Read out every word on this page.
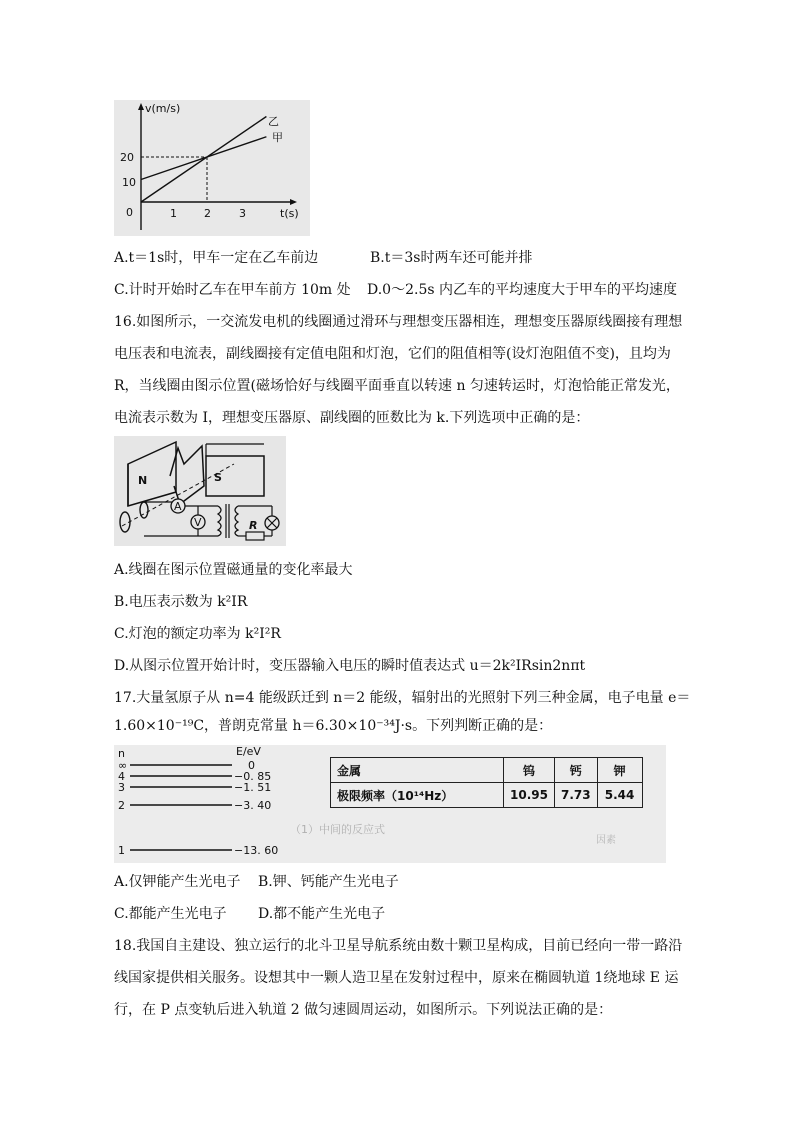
v(m/s)
t(s)
20
10
0	1 2	3
乙
甲
A.t＝1s时，甲车一定在乙车前边	B.t＝3s时两车还可能并排
C.计时开始时乙车在甲车前方 10m 处 D.0～2.5s 内乙车的平均速度大于甲车的平均速度
16.如图所示，一交流发电机的线圈通过滑环与理想变压器相连，理想变压器原线圈接有理想
电压表和电流表，副线圈接有定值电阻和灯泡，它们的阻值相等(设灯泡阻值不变)，且均为
R，当线圈由图示位置(磁场恰好与线圈平面垂直以转速 n 匀速转运时，灯泡恰能正常发光，
电流表示数为 I，理想变压器原、副线圈的匝数比为 k.下列选项中正确的是：
A
V
N	S
R
A.线圈在图示位置磁通量的变化率最大
B.电压表示数为 k²IR
C.灯泡的额定功率为 k²I²R
D.从图示位置开始计时，变压器输入电压的瞬时值表达式 u＝2k²IRsin2nπt
17.大量氢原子从 n=4 能级跃迁到 n＝2 能级，辐射出的光照射下列三种金属，电子电量 e＝
1.60×10⁻¹⁹C，普朗克常量 h＝6.30×10⁻³⁴J·s。下列判断正确的是：
n	E/eV
∞	0
4	−0. 85
3	−1. 51
2	−3. 40
1	−13. 60
（1）中间的反应式
金属	钨	钙	钾
极限频率（10¹⁴Hz）	10.95	7.73	5.44
因素
A.仅钾能产生光电子 B.钾、钙能产生光电子
C.都能产生光电子 D.都不能产生光电子
18.我国自主建设、独立运行的北斗卫星导航系统由数十颗卫星构成，目前已经向一带一路沿
线国家提供相关服务。设想其中一颗人造卫星在发射过程中，原来在椭圆轨道 1绕地球 E 运
行，在 P 点变轨后进入轨道 2 做匀速圆周运动，如图所示。下列说法正确的是：
